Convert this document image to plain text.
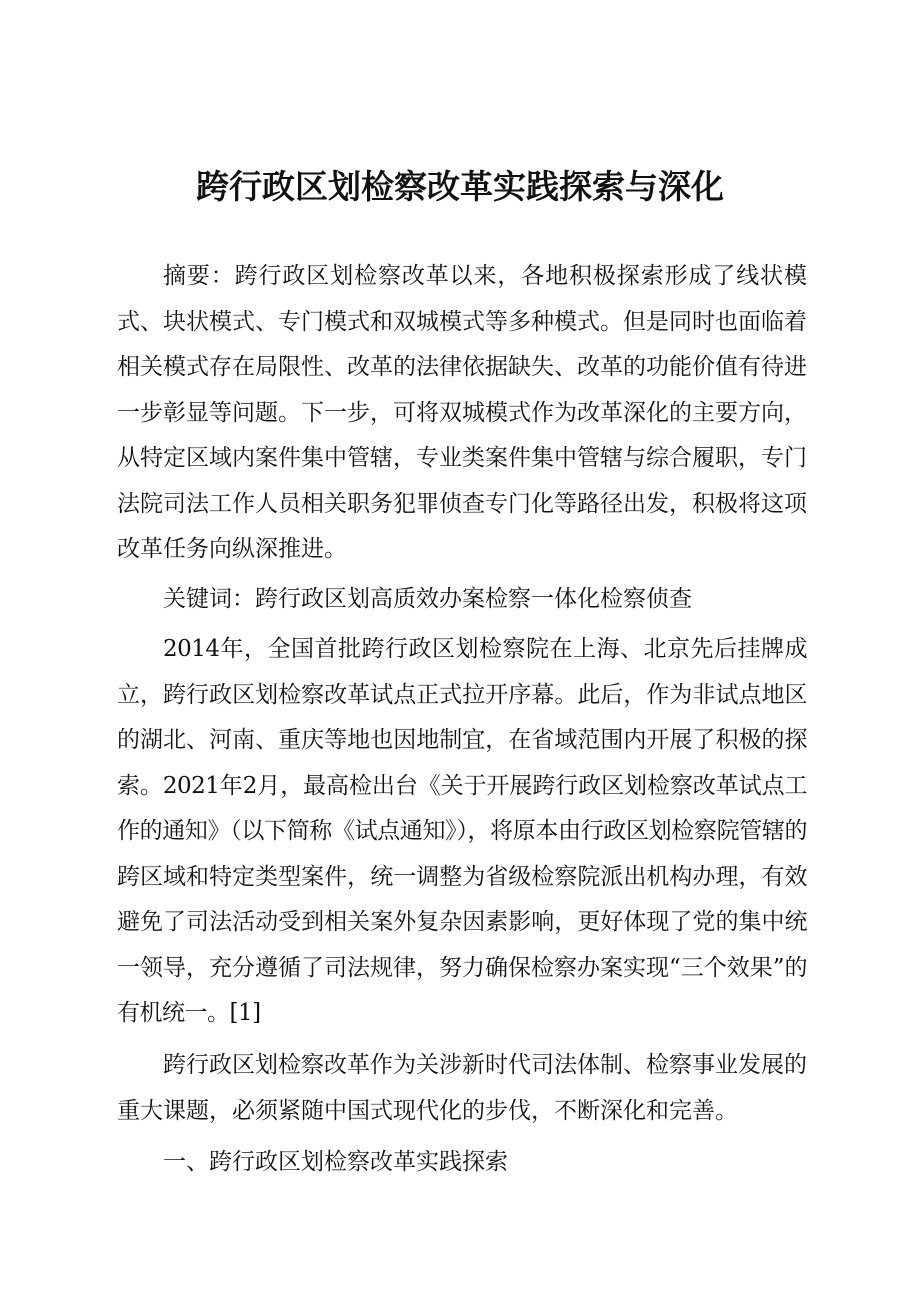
跨行政区划检察改革实践探索与深化

摘要：跨行政区划检察改革以来，各地积极探索形成了线状模式、块状模式、专门模式和双城模式等多种模式。但是同时也面临着相关模式存在局限性、改革的法律依据缺失、改革的功能价值有待进一步彰显等问题。下一步，可将双城模式作为改革深化的主要方向，从特定区域内案件集中管辖，专业类案件集中管辖与综合履职，专门法院司法工作人员相关职务犯罪侦查专门化等路径出发，积极将这项改革任务向纵深推进。

关键词：跨行政区划高质效办案检察一体化检察侦查

2014年，全国首批跨行政区划检察院在上海、北京先后挂牌成立，跨行政区划检察改革试点正式拉开序幕。此后，作为非试点地区的湖北、河南、重庆等地也因地制宜，在省域范围内开展了积极的探索。2021年2月，最高检出台《关于开展跨行政区划检察改革试点工作的通知》（以下简称《试点通知》），将原本由行政区划检察院管辖的跨区域和特定类型案件，统一调整为省级检察院派出机构办理，有效避免了司法活动受到相关案外复杂因素影响，更好体现了党的集中统一领导，充分遵循了司法规律，努力确保检察办案实现“三个效果”的有机统一。[1]

跨行政区划检察改革作为关涉新时代司法体制、检察事业发展的重大课题，必须紧随中国式现代化的步伐，不断深化和完善。

一、跨行政区划检察改革实践探索
